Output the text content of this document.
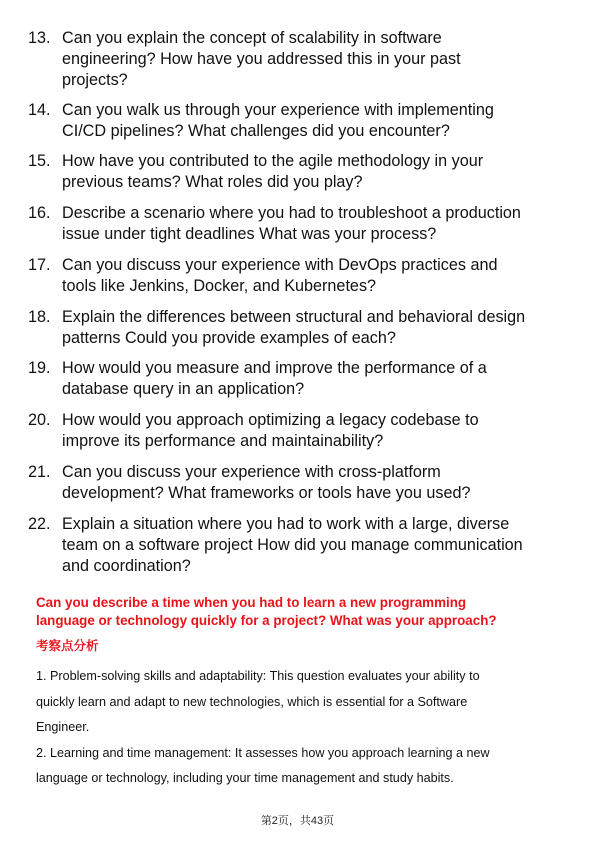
13. Can you explain the concept of scalability in software
engineering? How have you addressed this in your past
projects?
14. Can you walk us through your experience with implementing
CI/CD pipelines? What challenges did you encounter?
15. How have you contributed to the agile methodology in your
previous teams? What roles did you play?
16. Describe a scenario where you had to troubleshoot a production
issue under tight deadlines What was your process?
17. Can you discuss your experience with DevOps practices and
tools like Jenkins, Docker, and Kubernetes?
18. Explain the differences between structural and behavioral design
patterns Could you provide examples of each?
19. How would you measure and improve the performance of a
database query in an application?
20. How would you approach optimizing a legacy codebase to
improve its performance and maintainability?
21. Can you discuss your experience with cross-platform
development? What frameworks or tools have you used?
22. Explain a situation where you had to work with a large, diverse
team on a software project How did you manage communication
and coordination?
Can you describe a time when you had to learn a new programming
language or technology quickly for a project? What was your approach?
考察点分析
1. Problem-solving skills and adaptability: This question evaluates your ability to
quickly learn and adapt to new technologies, which is essential for a Software
Engineer.
2. Learning and time management: It assesses how you approach learning a new
language or technology, including your time management and study habits.
第2页，共43页
